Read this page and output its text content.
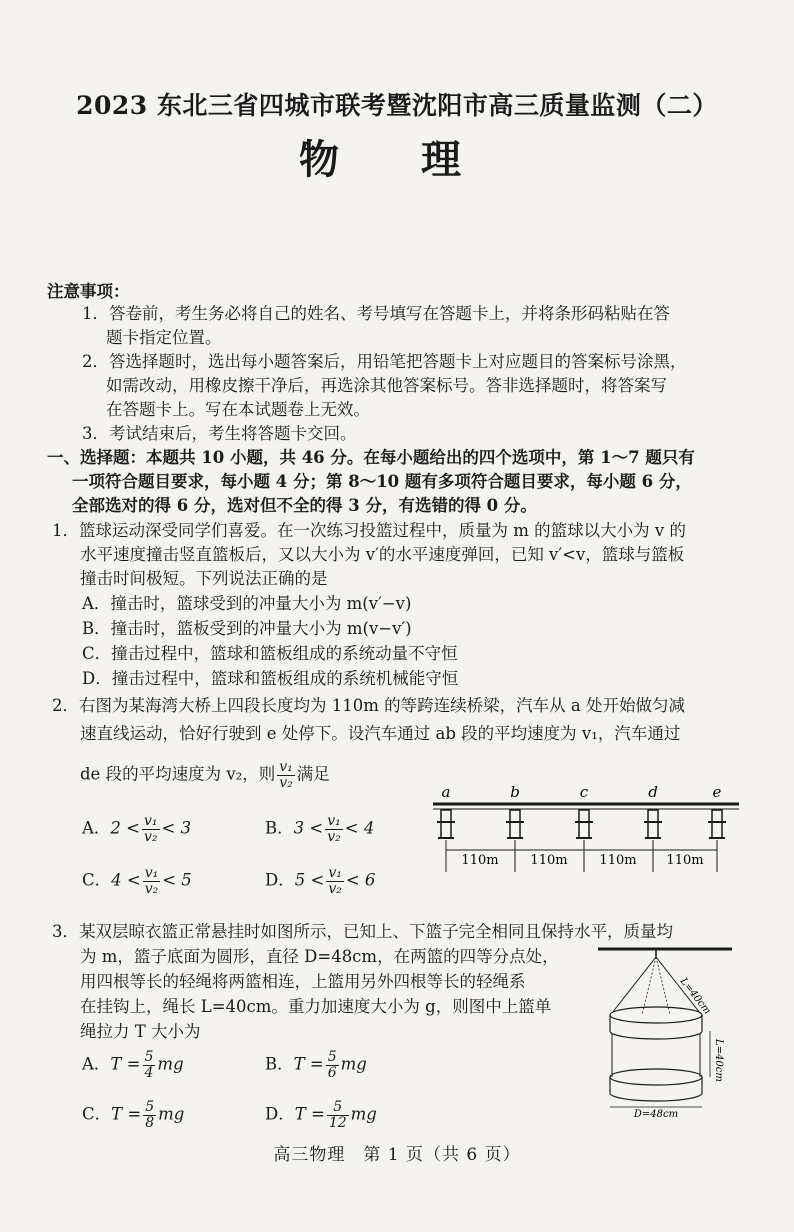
2023 东北三省四城市联考暨沈阳市高三质量监测（二）
物 理
注意事项：
1．答卷前，考生务必将自己的姓名、考号填写在答题卡上，并将条形码粘贴在答
题卡指定位置。
2．答选择题时，选出每小题答案后，用铅笔把答题卡上对应题目的答案标号涂黑，
如需改动，用橡皮擦干净后，再选涂其他答案标号。答非选择题时，将答案写
在答题卡上。写在本试题卷上无效。
3．考试结束后，考生将答题卡交回。
一、选择题：本题共 10 小题，共 46 分。在每小题给出的四个选项中，第 1～7 题只有
一项符合题目要求，每小题 4 分；第 8～10 题有多项符合题目要求，每小题 6 分，
全部选对的得 6 分，选对但不全的得 3 分，有选错的得 0 分。
1．篮球运动深受同学们喜爱。在一次练习投篮过程中，质量为 m 的篮球以大小为 v 的
水平速度撞击竖直篮板后，又以大小为 v′的水平速度弹回，已知 v′<v，篮球与篮板
撞击时间极短。下列说法正确的是
A．撞击时，篮球受到的冲量大小为 m(v′−v)
B．撞击时，篮板受到的冲量大小为 m(v−v′)
C．撞击过程中，篮球和篮板组成的系统动量不守恒
D．撞击过程中，篮球和篮板组成的系统机械能守恒
2．右图为某海湾大桥上四段长度均为 110m 的等跨连续桥梁，汽车从 a 处开始做匀减
速直线运动，恰好行驶到 e 处停下。设汽车通过 ab 段的平均速度为 v₁，汽车通过
de 段的平均速度为 v₂，则 $\frac{\text{v₁}}{\text{v₂}}$ 满足
A．$2 < \frac{\text{v₁}}{\text{v₂}} < 3$	B．$3 < \frac{\text{v₁}}{\text{v₂}} < 4$
C．$4 < \frac{\text{v₁}}{\text{v₂}} < 5$	D．$5 < \frac{\text{v₁}}{\text{v₂}} < 6$
a	b	c	d	e
110m 110m 110m 110m
3．某双层晾衣篮正常悬挂时如图所示，已知上、下篮子完全相同且保持水平，质量均
为 m，篮子底面为圆形，直径 D=48cm，在两篮的四等分点处，
用四根等长的轻绳将两篮相连，上篮用另外四根等长的轻绳系
在挂钩上，绳长 L=40cm。重力加速度大小为 g，则图中上篮单
绳拉力 T 大小为
A．$T = \frac{5}{4}$ mg	B．$T = \frac{5}{6}$ mg
C．$T = \frac{5}{8}$ mg	D．$T = \frac{5}{12}$ mg
L=40cm
L=40cm
D=48cm
高三物理　第 1 页（共 6 页）
